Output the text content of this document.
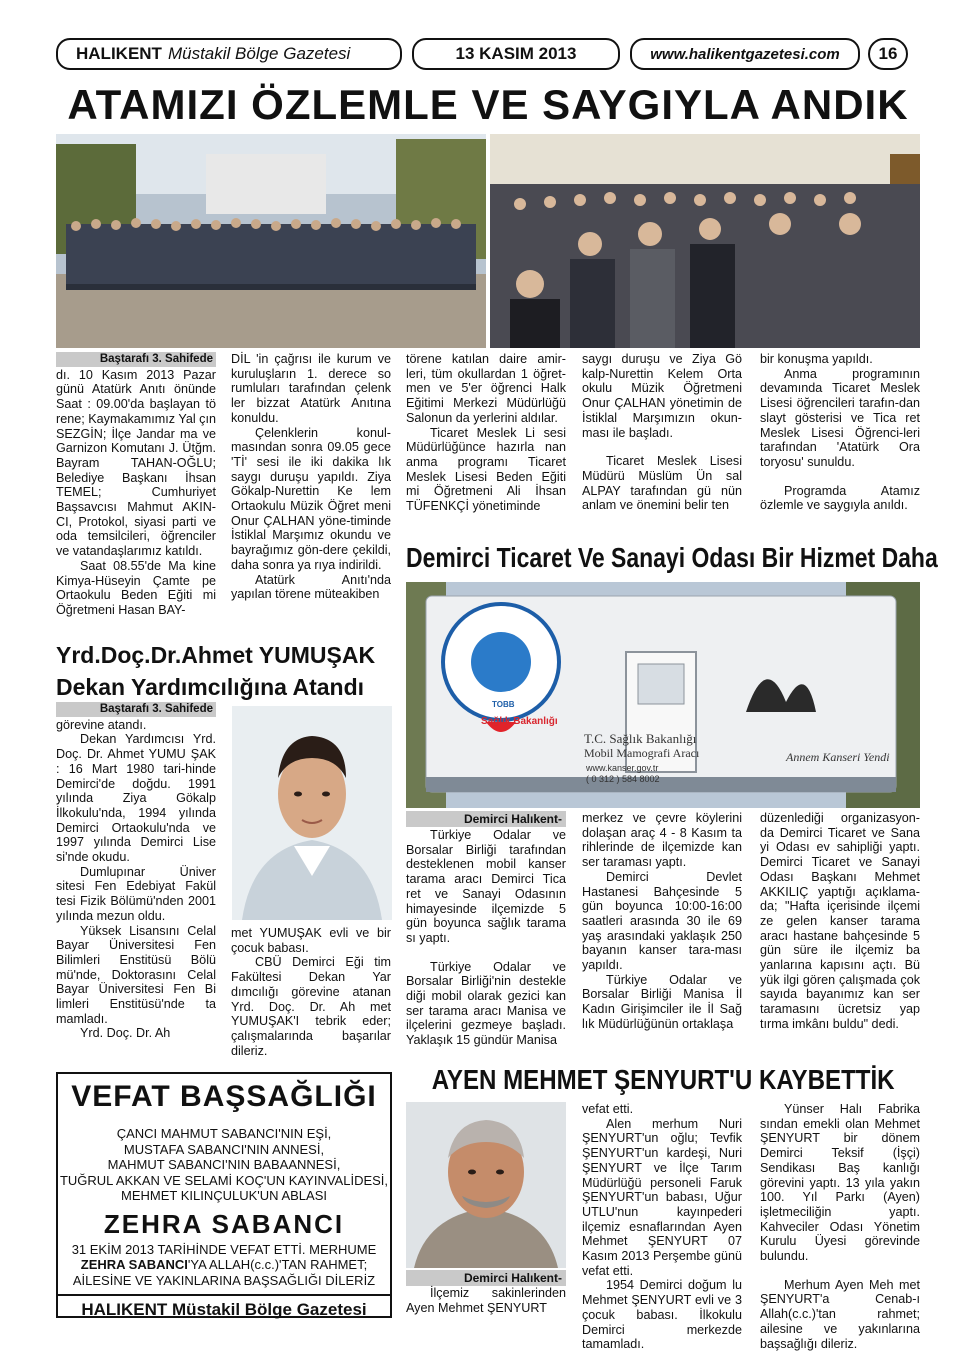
HALIKENT Müstakil Bölge Gazetesi	13 KASIM 2013	www.halikentgazetesi.com	16
ATAMIZI ÖZLEMLE VE SAYGIYLA ANDIK
Baştarafı 3. Sahifede

dı. 10 Kasım 2013 Pazar günü Atatürk Anıtı önünde Saat : 09.00'da başlayan tö rene; Kaymakamımız Yal çın SEZGİN; İlçe Jandar ma ve Garnizon Komutanı J. Ütğm. Bayram TAHAN-OĞLU; Belediye Başkanı İhsan TEMEL; Cumhuriyet Başsavcısı Mahmut AKIN-CI, Protokol, siyasi parti ve oda temsilcileri, öğrenciler ve vatandaşlarımız katıldı.

Saat 08.55'de Ma kine Kimya-Hüseyin Çamte pe Ortaokulu Beden Eğiti mi Öğretmeni Hasan BAY-

DİL 'in çağrısı ile kurum ve kuruluşların 1. derece so rumluları tarafından çelenk ler bizzat Atatürk Anıtına konuldu.

Çelenklerin konul-masından sonra 09.05 gece 'Tİ' sesi ile iki dakika lık saygı duruşu yapıldı. Ziya Gökalp-Nurettin Ke lem Ortaokulu Müzik Öğret meni Onur ÇALHAN yöne-timinde İstiklal Marşımız okundu ve bayrağımız gön-dere çekildi, daha sonra ya rıya indirildi.

Atatürk Anıtı'nda yapılan törene müteakiben

törene katılan daire amir-leri, tüm okullardan 1 öğret-men ve 5'er öğrenci Halk Eğitimi Merkezi Müdürlüğü Salonun da yerlerini aldılar.

Ticaret Meslek Li sesi Müdürlüğünce hazırla nan anma programı Ticaret Meslek Lisesi Beden Eğiti mi Öğretmeni Ali İhsan TÜFENKÇİ yönetiminde

saygı duruşu ve Ziya Gö kalp-Nurettin Kelem Orta okulu Müzik Öğretmeni Onur ÇALHAN yönetimin de İstiklal Marşımızın okun-ması ile başladı.

Ticaret Meslek Lisesi Müdürü Müslüm Ün sal ALPAY tarafından gü nün anlam ve önemini belir ten

bir konuşma yapıldı.

Anma programının devamında Ticaret Meslek Lisesi öğrencileri tarafın-dan slayt gösterisi ve Tica ret Meslek Lisesi Öğrenci-leri tarafından 'Atatürk Ora toryosu' sunuldu.

Programda Atamız özlemle ve saygıyla anıldı.

Demirci Ticaret Ve Sanayi Odası Bir Hizmet Daha
Sağlık Bakanlığı
T.C. Sağlık Bakanlığı
Mobil Mamografi Aracı
www.kanser.gov.tr
( 0 312 ) 584 8002
Annem Kanseri Yendi
TOBB
Yrd.Doç.Dr.Ahmet YUMUŞAK
Dekan Yardımcılığına Atandı
Baştarafı 3. Sahifede

görevine atandı.

Dekan Yardımcısı Yrd. Doç. Dr. Ahmet YUMU ŞAK : 16 Mart 1980 tari-hinde Demirci'de doğdu. 1991 yılında Ziya Gökalp İlkokulu'nda, 1994 yılında Demirci Ortaokulu'nda ve 1997 yılında Demirci Lise si'nde okudu.

Dumlupınar Üniver sitesi Fen Edebiyat Fakül tesi Fizik Bölümü'nden 2001 yılında mezun oldu.

Yüksek Lisansını Celal Bayar Üniversitesi Fen Bilimleri Enstitüsü Bölü mü'nde, Doktorasını Celal Bayar Üniversitesi Fen Bi limleri Enstitüsü'nde ta mamladı.

Yrd. Doç. Dr. Ah

met YUMUŞAK evli ve bir çocuk babası.

CBÜ Demirci Eği tim Fakültesi Dekan Yar dımcılığı görevine atanan Yrd. Doç. Dr. Ah met YUMUŞAK'I tebrik eder; çalışmalarında başarılar dileriz.

Demirci Halıkent-

Türkiye Odalar ve Borsalar Birliği tarafından desteklenen mobil kanser tarama aracı Demirci Tica ret ve Sanayi Odasının himayesinde ilçemizde 5 gün boyunca sağlık tarama sı yaptı.

Türkiye Odalar ve Borsalar Birliği'nin destekle diği mobil olarak gezici kan ser tarama aracı Manisa ve ilçelerini gezmeye başladı. Yaklaşık 15 gündür Manisa

merkez ve çevre köylerini dolaşan araç 4 - 8 Kasım ta rihlerinde de ilçemizde kan ser taraması yaptı.

Demirci Devlet Hastanesi Bahçesinde 5 gün boyunca 10:00-16:00 saatleri arasında 30 ile 69 yaş arasındaki yaklaşık 250 bayanın kanser tara-ması yapıldı.

Türkiye Odalar ve Borsalar Birliği Manisa İl Kadın Girişimciler ile İl Sağ lık Müdürlüğünün ortaklaşa

düzenlediği organizasyon-da Demirci Ticaret ve Sana yi Odası ev sahipliği yaptı. Demirci Ticaret ve Sanayi Odası Başkanı Mehmet AKKILIÇ yaptığı açıklama-da; "Hafta içerisinde ilçemi ze gelen kanser tarama aracı hastane bahçesinde 5 gün süre ile ilçemiz ba yanlarına kapısını açtı. Bü yük ilgi gören çalışmada çok sayıda bayanımız kan ser taramasını ücretsiz yap tırma imkânı buldu" dedi.

VEFAT BAŞSAĞLIĞI

ÇANCI MAHMUT SABANCI'NIN EŞİ,

MUSTAFA SABANCI'NIN ANNESİ,

MAHMUT SABANCI'NIN BABAANNESİ,

TUĞRUL AKKAN VE SELAMİ KOÇ'UN KAYINVALİDESİ,

MEHMET KILINÇULUK'UN ABLASI

ZEHRA SABANCI

31 EKİM 2013 TARİHİNDE VEFAT ETTİ. MERHUME

ZEHRA SABANCI'YA ALLAH(c.c.)'TAN RAHMET;

AİLESİNE VE YAKINLARINA BAŞSAĞLIĞI DİLERİZ

HALIKENT Müstakil Bölge Gazetesi
AYEN MEHMET ŞENYURT'U KAYBETTİK
Demirci Halıkent-

İlçemiz sakinlerinden Ayen Mehmet ŞENYURT

vefat etti.

Alen merhum Nuri ŞENYURT'un oğlu; Tevfik ŞENYURT'un kardeşi, Nuri ŞENYURT ve İlçe Tarım Müdürlüğü personeli Faruk ŞENYURT'un babası, Uğur UTLU'nun kayınpederi ilçemiz esnaflarından Ayen Mehmet ŞENYURT 07 Kasım 2013 Perşembe günü vefat etti.

1954 Demirci doğum lu Mehmet ŞENYURT evli ve 3 çocuk babası. İlkokulu Demirci merkezde tamamladı.

Yünser Halı Fabrika sından emekli olan Mehmet ŞENYURT bir dönem Demirci Teksif (İşçi) Sendikası Baş kanlığı görevini yaptı. 13 yıla yakın 100. Yıl Parkı (Ayen) işletmeciliğin yaptı. Kahveciler Odası Yönetim Kurulu Üyesi görevinde bulundu.

Merhum Ayen Meh met ŞENYURT'a Cenab-ı Allah(c.c.)'tan rahmet; ailesine ve yakınlarına başsağlığı dileriz.
